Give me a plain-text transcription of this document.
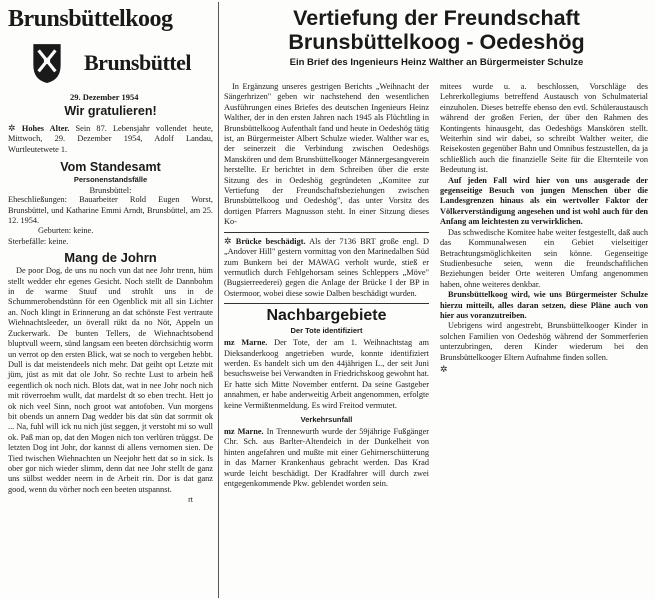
Brunsbüttelkoog
Brunsbüttel
29. Dezember 1954
Wir gratulieren!

✲ Hohes Alter. Sein 87. Lebensjahr vollendet heute, Mittwoch, 29. Dezember 1954, Adolf Landau, Wurtleutetwete 1.

Vom Standesamt
Personenstandsfälle
Brunsbüttel:

Eheschließungen: Bauarbeiter Rold Eugen Worst, Brunsbüttel, und Katharine Emmi Arndt, Brunsbüttel, am 25. 12. 1954.

Geburten: keine.

Sterbefälle: keine.

Mang de Johrn

De poor Dog, de uns nu noch vun dat nee Johr trenn, hüm stellt wedder ehr egenes Gesicht. Noch stellt de Dannbohm in de warme Stuuf und strohlt uns in de Schummerobendstünn för een Ogenblick mit all sin Lichter an. Noch klingt in Erinnerung an dat schönste Fest vertraute Wiehnachtsleeder, un överall rükt da no Nöt, Appeln un Zuckerwark. De bunten Tellers, de Wiehnachtsobend bluptvull weern, sünd langsam een beeten dörchsichtig worrn un verrot op den ersten Blick, wat se noch to vergeben hebbt. Dull is dat meistendeels nich mehr. Dat geiht opt Letzte mit jüm, jüst as mit dat ole Johr. So rechte Lust to arbein heß eegentlich ok noch nich. Blots dat, wat in nee Johr noch nich mit röverroehm wullt, dat mardelst dt so eben trecht. Hett jo ok nich veel Sinn, noch groot wat antofoben. Vun morgens bit obends un annern Dag wedder bis dat sün dat sorrmit ok ... Na, fuhl will ick nu nich jüst seggen, jt verstoht mi so wull ok. Paß man op, dat den Mogen nich ton verlüren trüggst. De letzten Dog int Johr, dor kannst di allens vernomen sien. De Tied twischen Wiehnachten un Neejohr hett dat so in sick. Is ober gor nich wieder slimm, denn dat nee Johr stellt de ganz uns sülbst wedder neern in de Arbeit rin. Dor is dat ganz good, wenn du vörher noch een beeten utspannst.

rt
Vertiefung der Freundschaft
Brunsbüttelkoog - Oedeshög
Ein Brief des Ingenieurs Heinz Walther an Bürgermeister Schulze

In Ergänzung unseres gestrigen Berichts „Weihnacht der Sängerhrizen" geben wir nachstehend den wesentlichen Ausführungen eines Briefes des deutschen Ingenieurs Heinz Walther, der in den ersten Jahren nach 1945 als Flüchtling in Brunsbüttelkoog Aufenthalt fand und heute in Oedeshög tätig ist, an Bürgermeister Albert Schulze wieder. Walther war es, der seinerzeit die Verbindung zwischen Oedeshögs Manskören und dem Brunsbüttelkooger Männergesangverein herstellte. Er berichtet in dem Schreiben über die erste Sitzung des in Oedeshög gegründeten „Komitee zur Vertiefung der Freundschaftsbeziehungen zwischen Brunsbüttelkoog und Oedeshög", das unter Vorsitz des dortigen Pfarrers Magnusson steht. In einer Sitzung dieses Ko-

✲ Brücke beschädigt. Als der 7136 BRT große engl. D „Andover Hill" gestern vormittag von den Marinedalben Süd zum Bunkern bei der MAWAG verholt wurde, stieß er vermutlich durch Fehlgehorsam seines Schleppers „Möve" (Bugsierreederei) gegen die Anlage der Brücke I der BP in Ostermoor, wobei diese sowie Dalben beschädigt wurden.

Nachbargebiete
Der Tote identifiziert

mz Marne. Der Tote, der am 1. Weihnachtstag am Dieksanderkoog angetrieben wurde, konnte identifiziert werden. Es handelt sich um den 44jährigen L., der seit Juni besuchsweise bei Verwandten in Friedrichskoog gewohnt hat. Er hatte sich Mitte November entfernt. Da seine Gastgeber annahmen, er habe anderweitig Arbeit angenommen, erfolgte keine Vermißtenmeldung. Es wird Freitod vermutet.

Verkehrsunfall

mz Marne. In Trennewurth wurde der 59jährige Fußgänger Chr. Sch. aus Barlter-Altendeich in der Dunkelheit von hinten angefahren und mußte mit einer Gehirnerschütterung in das Marner Krankenhaus gebracht werden. Das Krad wurde leicht beschädigt. Der Kradfahrer will durch zwei entgegenkommende Pkw. geblendet worden sein.

mitees wurde u. a. beschlossen, Vorschläge des Lehrerkollegiums betreffend Austausch von Schulmaterial einzuholen. Dieses betreffe ebenso den evtl. Schüleraustausch während der großen Ferien, der über den Rahmen des Kontingents hinausgeht, das Oedeshögs Manskören stellt. Weiterhin sind wir dabei, so schreibt Walther weiter, die Reisekosten gegenüber Bahn und Omnibus festzustellen, da ja schließlich auch die finanzielle Seite für die Elternteile von Bedeutung ist.

Auf jeden Fall wird hier von uns ausgerade der gegenseitige Besuch von jungen Menschen über die Landesgrenzen hinaus als ein wertvoller Faktor der Völkerverständigung angesehen und ist wohl auch für den Anfang am leichtesten zu verwirklichen.

Das schwedische Komitee habe weiter festgestellt, daß auch das Kommunalwesen ein Gebiet vielseitiger Betrachtungsmöglichkeiten sein könne. Gegenseitige Studienbesuche seien, wenn die freundschaftlichen Beziehungen beider Orte weiteren Umfang angenommen haben, ohne weiteres denkbar.

Brunsbüttelkoog wird, wie uns Bürgermeister Schulze hierzu mitteilt, alles daran setzen, diese Pläne auch von hier aus voranzutreiben.

Uebrigens wird angestrebt, Brunsbüttelkooger Kinder in solchen Familien von Oedeshög während der Sommerferien unterzubringen, deren Kinder wiederum bei den Brunsbüttelkooger Eltern Aufnahme finden sollen.

✲
